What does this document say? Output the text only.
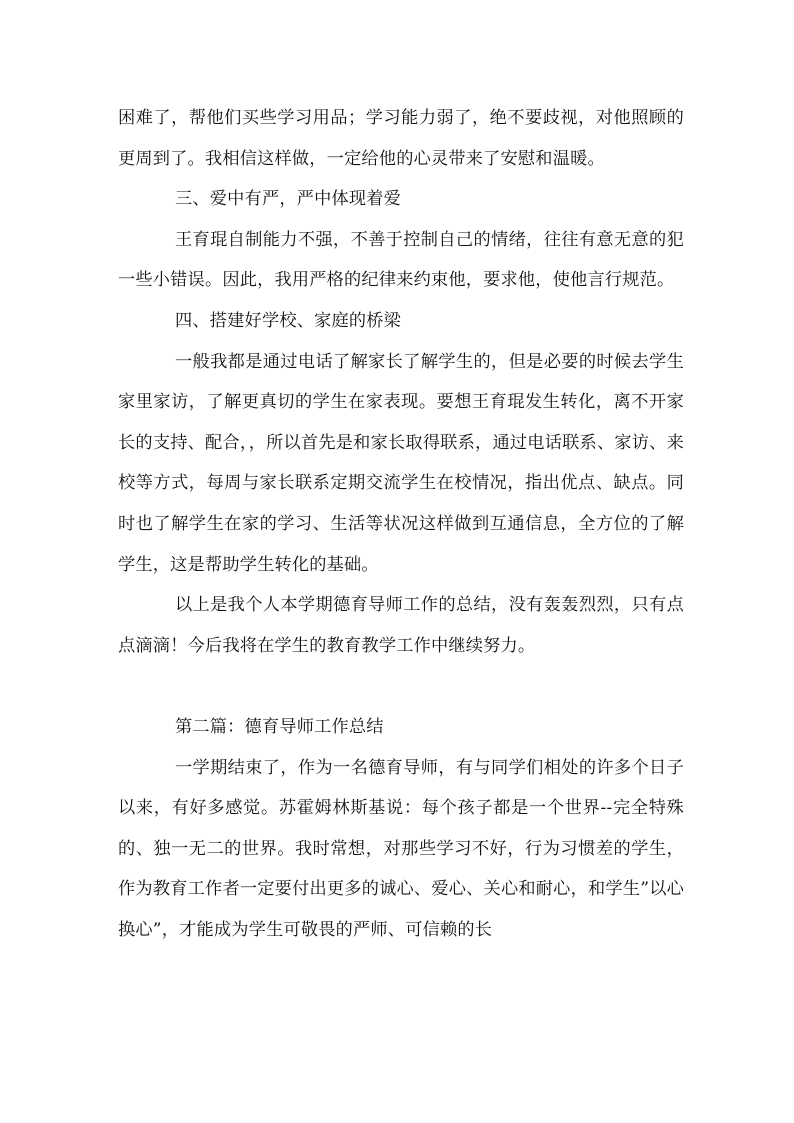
困难了，帮他们买些学习用品；学习能力弱了，绝不要歧视，对他照顾的更周到了。我相信这样做，一定给他的心灵带来了安慰和温暖。

三、爱中有严，严中体现着爱

王育琨自制能力不强，不善于控制自己的情绪，往往有意无意的犯一些小错误。因此，我用严格的纪律来约束他，要求他，使他言行规范。

四、搭建好学校、家庭的桥梁

一般我都是通过电话了解家长了解学生的，但是必要的时候去学生家里家访，了解更真切的学生在家表现。要想王育琨发生转化，离不开家长的支持、配合，，所以首先是和家长取得联系，通过电话联系、家访、来校等方式，每周与家长联系定期交流学生在校情况，指出优点、缺点。同时也了解学生在家的学习、生活等状况这样做到互通信息，全方位的了解学生，这是帮助学生转化的基础。

以上是我个人本学期德育导师工作的总结，没有轰轰烈烈，只有点点滴滴！今后我将在学生的教育教学工作中继续努力。

第二篇：德育导师工作总结

一学期结束了，作为一名德育导师，有与同学们相处的许多个日子以来，有好多感觉。苏霍姆林斯基说：每个孩子都是一个世界--完全特殊的、独一无二的世界。我时常想，对那些学习不好，行为习惯差的学生，作为教育工作者一定要付出更多的诚心、爱心、关心和耐心，和学生”以心换心”，才能成为学生可敬畏的严师、可信赖的长
